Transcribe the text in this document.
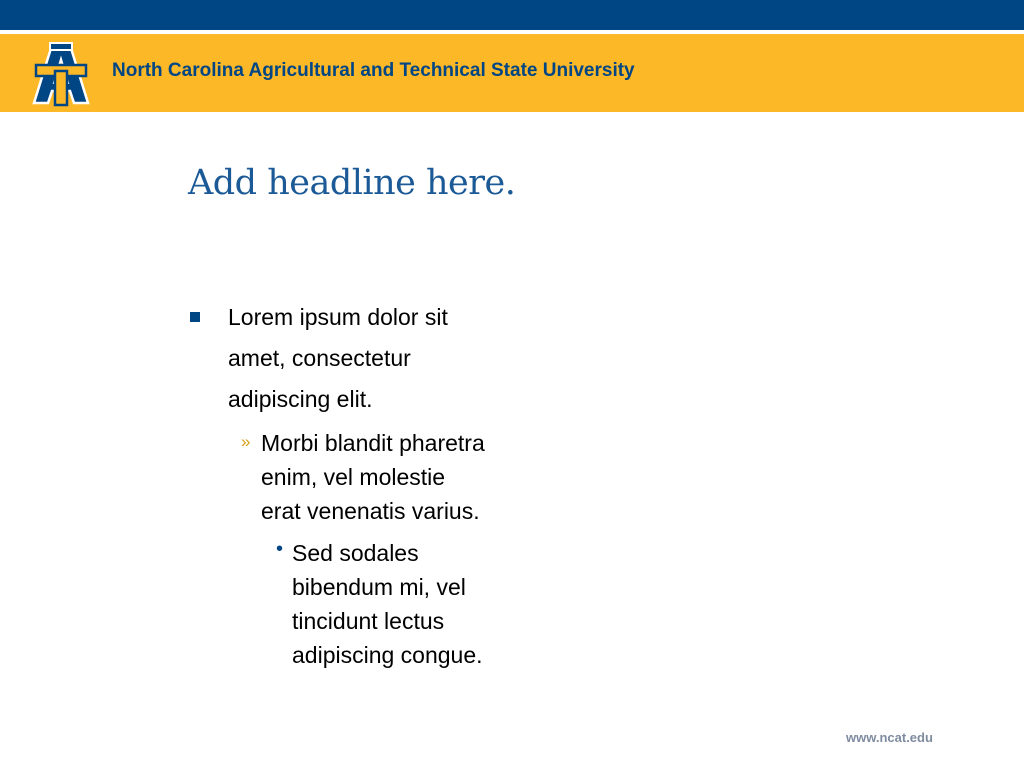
North Carolina Agricultural and Technical State University
Add headline here.
Lorem ipsum dolor sit
amet, consectetur
adipiscing elit.
» Morbi blandit pharetra
enim, vel molestie
erat venenatis varius.
• Sed sodales
bibendum mi, vel
tincidunt lectus
adipiscing congue.
www.ncat.edu
